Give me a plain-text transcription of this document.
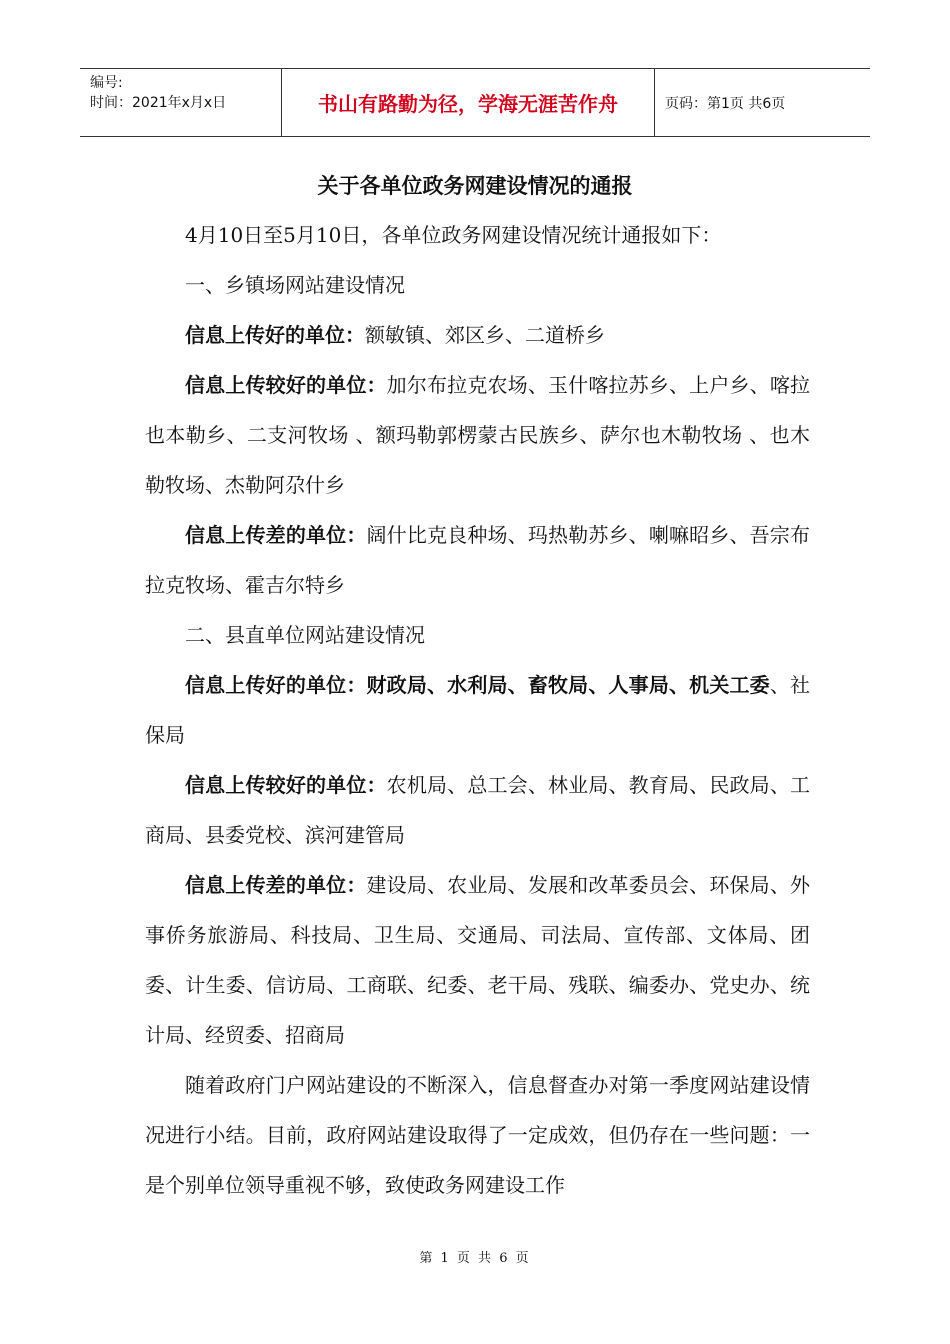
编号:
时间：2021年x月x日	书山有路勤为径，学海无涯苦作舟	页码：第1页 共6页
关于各单位政务网建设情况的通报

4月10日至5月10日，各单位政务网建设情况统计通报如下：

一、乡镇场网站建设情况

信息上传好的单位：额敏镇、郊区乡、二道桥乡

信息上传较好的单位：加尔布拉克农场、玉什喀拉苏乡、上户乡、喀拉也本勒乡、二支河牧场 、额玛勒郭楞蒙古民族乡、萨尔也木勒牧场 、也木勒牧场、杰勒阿尕什乡

信息上传差的单位：阔什比克良种场、玛热勒苏乡、喇嘛昭乡、吾宗布拉克牧场、霍吉尔特乡

二、县直单位网站建设情况

信息上传好的单位：财政局、水利局、畜牧局、人事局、机关工委、社保局

信息上传较好的单位：农机局、总工会、林业局、教育局、民政局、工商局、县委党校、滨河建管局

信息上传差的单位：建设局、农业局、发展和改革委员会、环保局、外事侨务旅游局、科技局、卫生局、交通局、司法局、宣传部、文体局、团委、计生委、信访局、工商联、纪委、老干局、残联、编委办、党史办、统计局、经贸委、招商局

随着政府门户网站建设的不断深入，信息督查办对第一季度网站建设情况进行小结。目前，政府网站建设取得了一定成效，但仍存在一些问题：一是个别单位领导重视不够，致使政务网建设工作

第 1 页 共 6 页
